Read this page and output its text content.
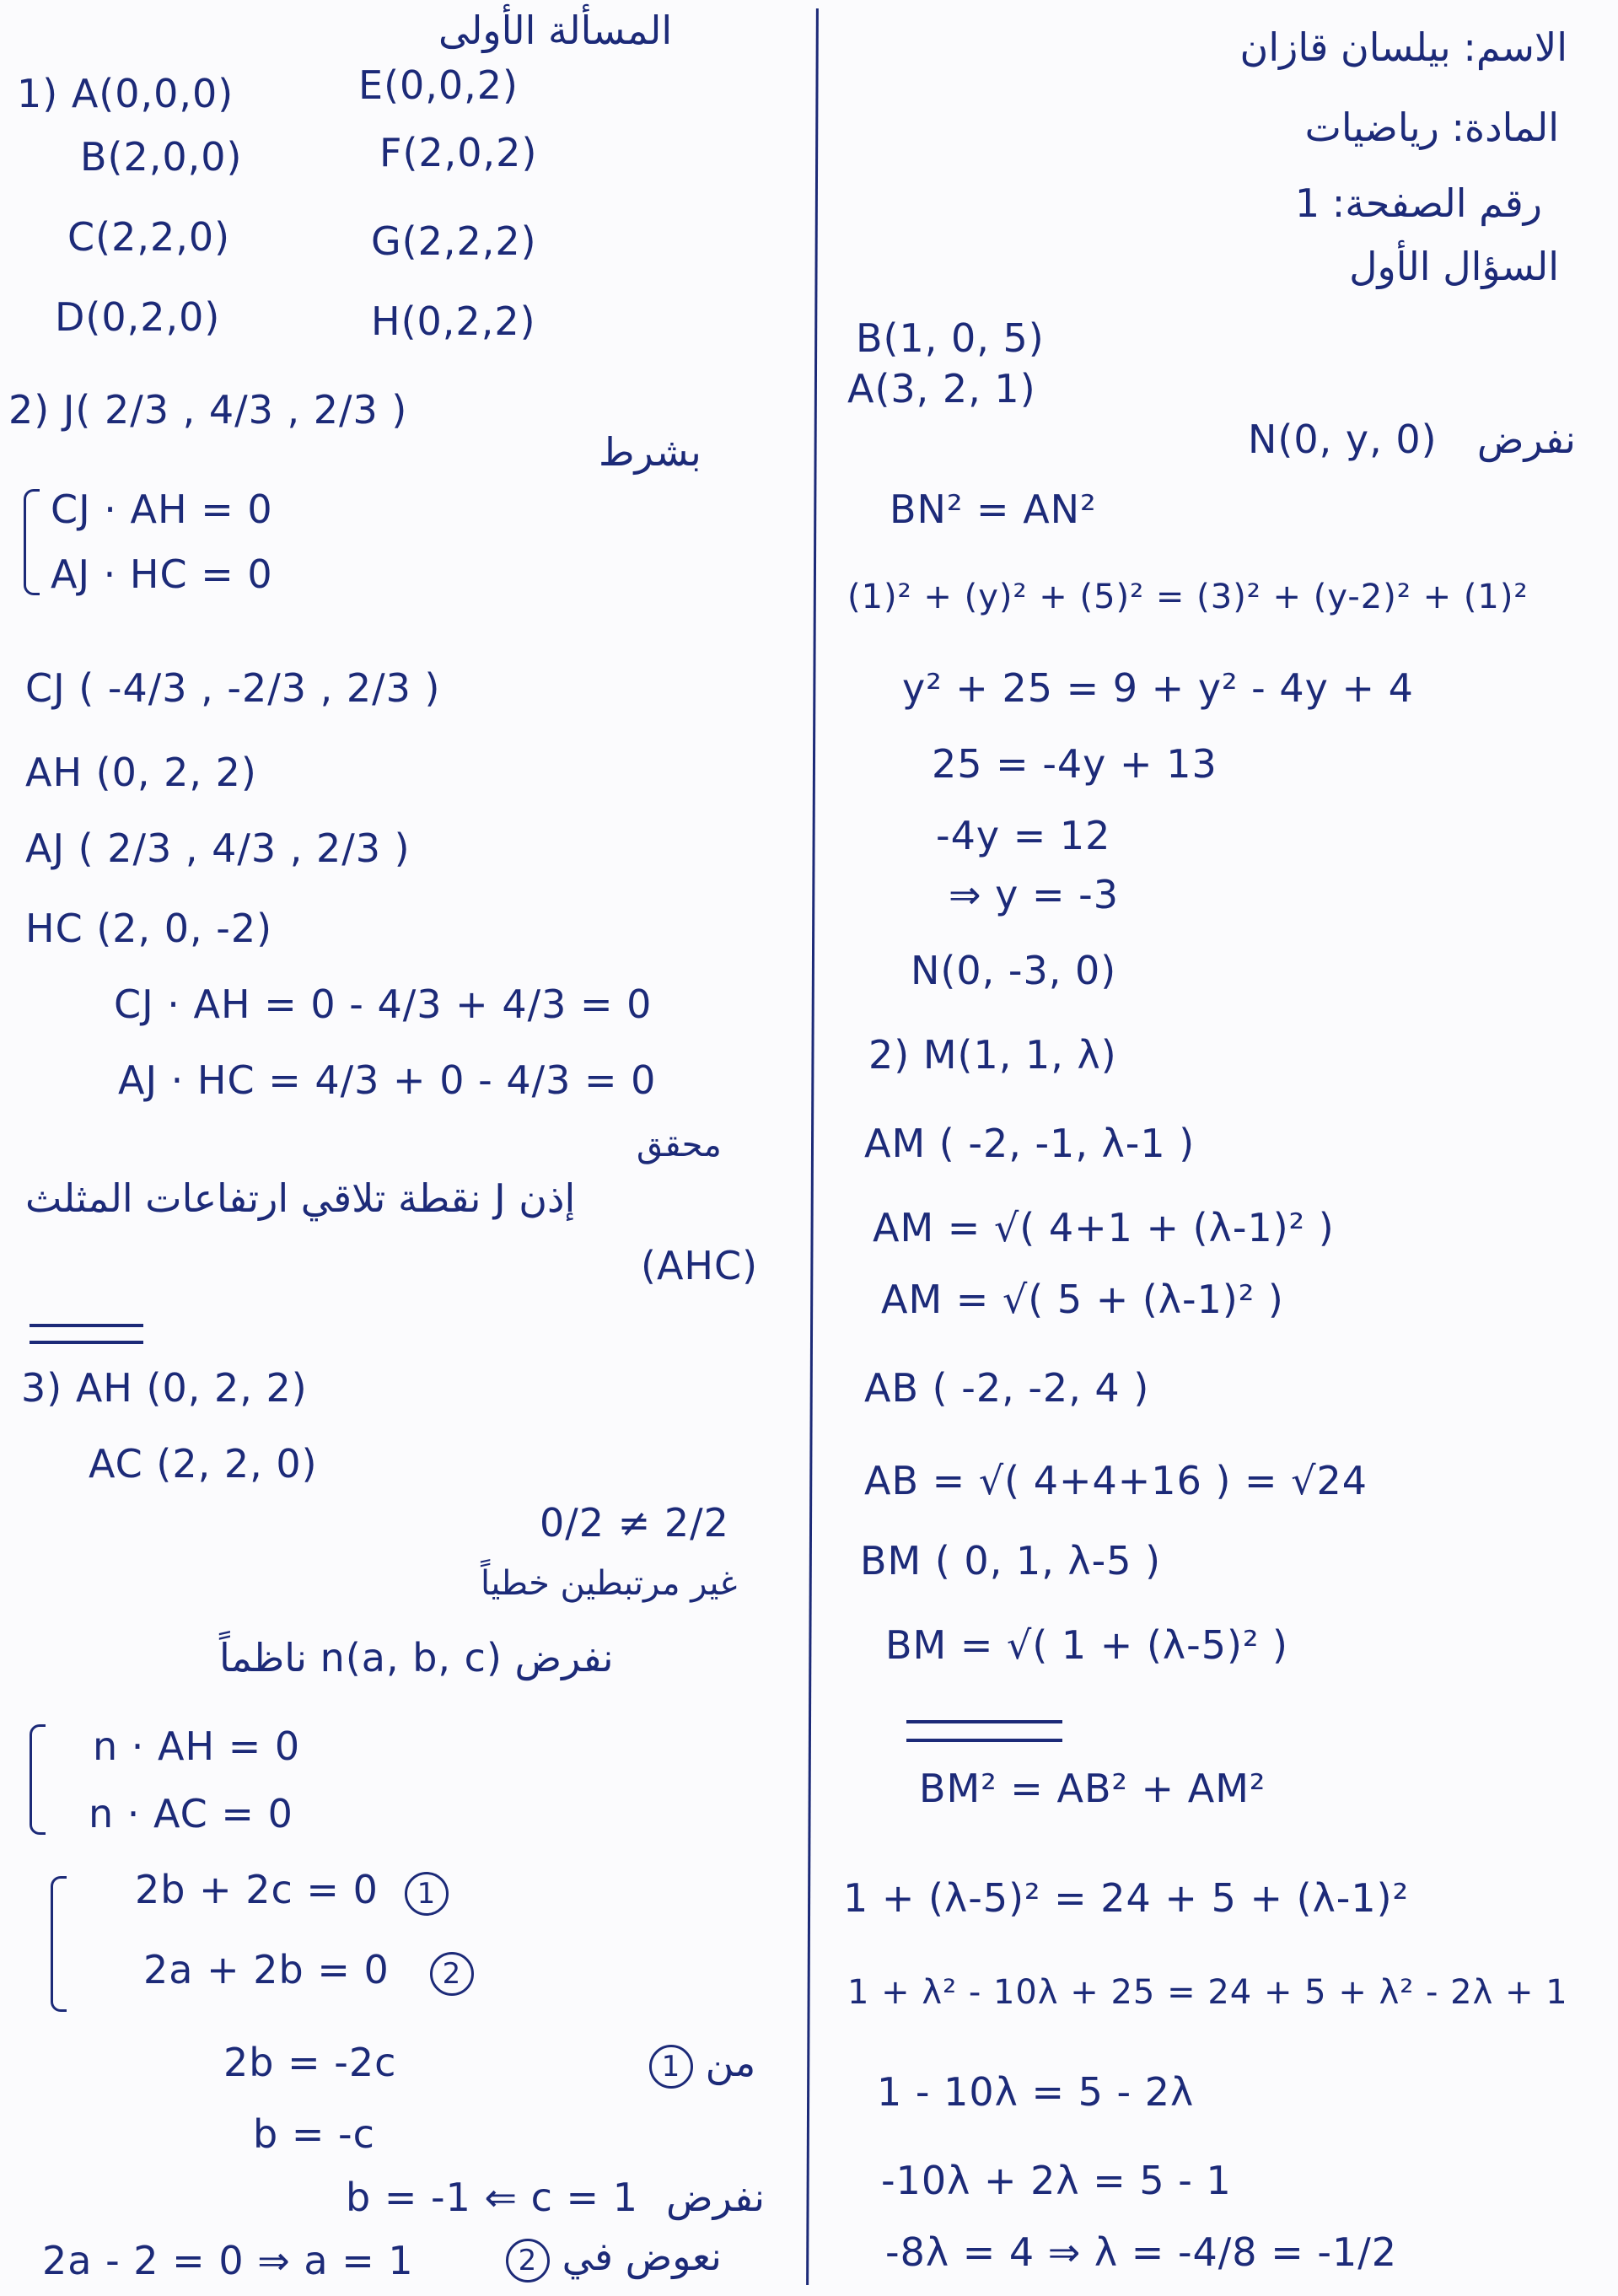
الاسم: بيلسان قازان
المادة: رياضيات
رقم الصفحة: 1
السؤال الأول
B(1, 0, 5)
A(3, 2, 1)
نفرض
N(0, y, 0)
BN² = AN²
(1)² + (y)² + (5)² = (3)² + (y-2)² + (1)²
y² + 25 = 9 + y² - 4y + 4
25 = -4y + 13
-4y = 12
⇒ y = -3
N(0, -3, 0)
2) M(1, 1, λ)
AM ( -2, -1, λ-1 )
AM = √( 4+1 + (λ-1)² )
AM = √( 5 + (λ-1)² )
AB ( -2, -2, 4 )
AB = √( 4+4+16 ) = √24
BM ( 0, 1, λ-5 )
BM = √( 1 + (λ-5)² )
BM² = AB² + AM²
1 + (λ-5)² = 24 + 5 + (λ-1)²
1 + λ² - 10λ + 25 = 24 + 5 + λ² - 2λ + 1
1 - 10λ = 5 - 2λ
-10λ + 2λ = 5 - 1
-8λ = 4 ⇒ λ = -4/8 = -1/2
المسألة الأولى
1) A(0,0,0)	E(0,0,2)
B(2,0,0)	F(2,0,2)
C(2,2,0)	G(2,2,2)
D(0,2,0)	H(0,2,2)
2) J( 2/3 , 4/3 , 2/3 )
بشرط
CJ · AH = 0
AJ · HC = 0
CJ ( -4/3 , -2/3 , 2/3 )
AH (0, 2, 2)
AJ ( 2/3 , 4/3 , 2/3 )
HC (2, 0, -2)
CJ · AH = 0 - 4/3 + 4/3 = 0
AJ · HC = 4/3 + 0 - 4/3 = 0
محقق
إذن J نقطة تلاقي ارتفاعات المثلث
(AHC)
3) AH (0, 2, 2)
AC (2, 2, 0)
0/2 ≠ 2/2
غير مرتبطين خطياً
نفرض n(a, b, c) ناظماً
n · AH = 0
n · AC = 0
2b + 2c = 0	1
2a + 2b = 0	2
من 1
2b = -2c
b = -c
b = -1 ⇐ c = 1 نفرض
2a - 2 = 0 ⇒ a = 1	نعوض في 2
